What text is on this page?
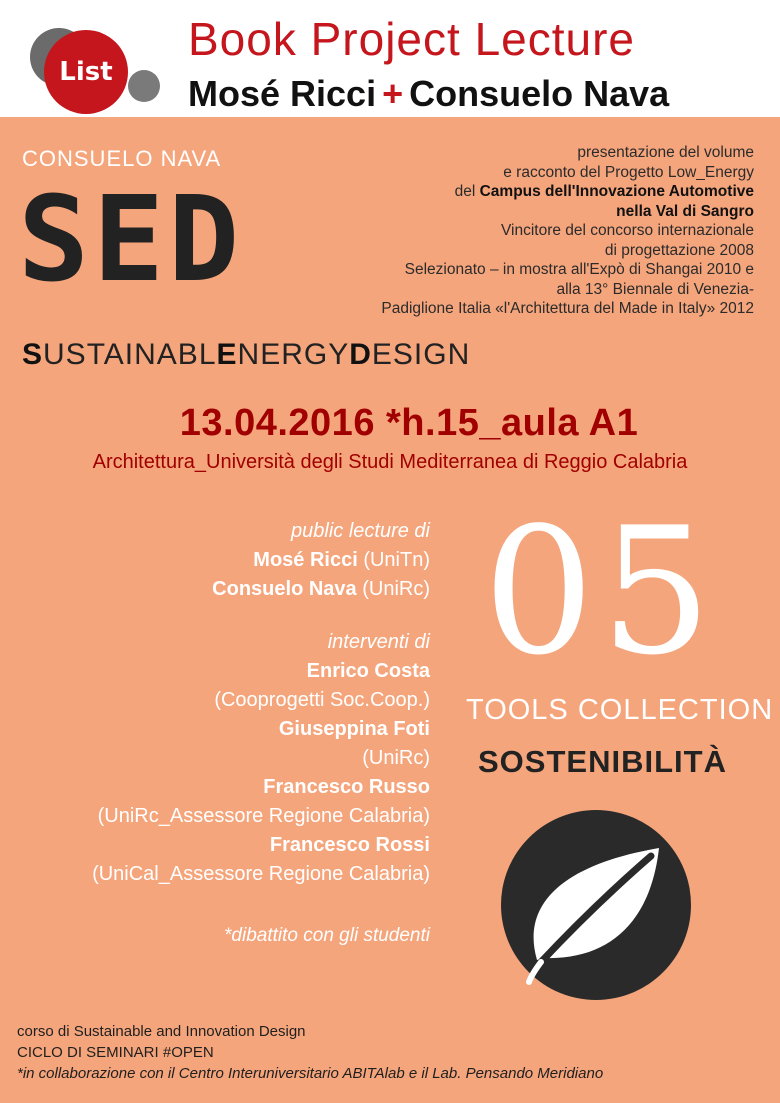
List
Book Project Lecture
Mosé Ricci + Consuelo Nava
CONSUELO NAVA
SED
SUSTAINABLENERGYDESIGN
presentazione del volume
e racconto del Progetto Low_Energy
del Campus dell'Innovazione Automotive
nella Val di Sangro
Vincitore del concorso internazionale
di progettazione 2008
Selezionato – in mostra all'Expò di Shangai 2010 e
alla 13° Biennale di Venezia-
Padiglione Italia «l'Architettura del Made in Italy» 2012
13.04.2016 *h.15_aula A1
Architettura_Università degli Studi Mediterranea di Reggio Calabria
public lecture di
Mosé Ricci (UniTn)
Consuelo Nava (UniRc)
interventi di
Enrico Costa
(Cooprogetti Soc.Coop.)
Giuseppina Foti
(UniRc)
Francesco Russo
(UniRc_Assessore Regione Calabria)
Francesco Rossi
(UniCal_Assessore Regione Calabria)
*dibattito con gli studenti
05
TOOLS COLLECTION
SOSTENIBILITÀ
corso di Sustainable and Innovation Design
CICLO DI SEMINARI #OPEN
*in collaborazione con il Centro Interuniversitario ABITAlab e il Lab. Pensando Meridiano
